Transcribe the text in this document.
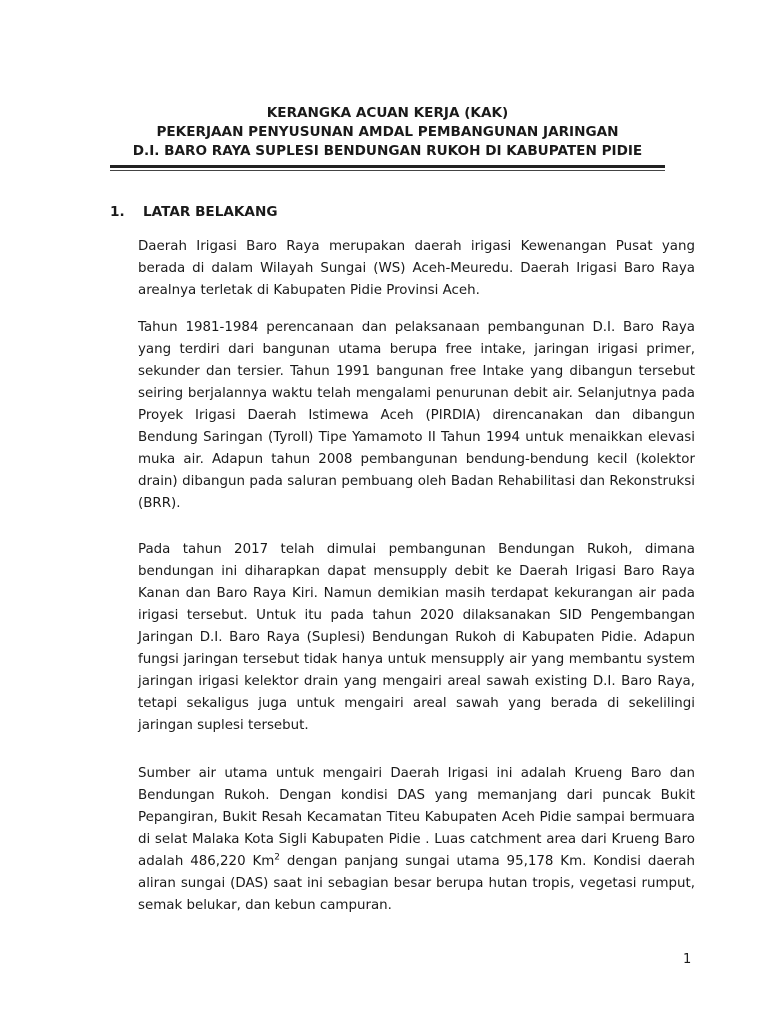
KERANGKA ACUAN KERJA (KAK)
PEKERJAAN PENYUSUNAN AMDAL PEMBANGUNAN JARINGAN
D.I. BARO RAYA SUPLESI BENDUNGAN RUKOH DI KABUPATEN PIDIE
1.	LATAR BELAKANG

Daerah Irigasi Baro Raya merupakan daerah irigasi Kewenangan Pusat yang berada di dalam Wilayah Sungai (WS) Aceh-Meuredu. Daerah Irigasi Baro Raya arealnya terletak di Kabupaten Pidie Provinsi Aceh.

Tahun 1981-1984 perencanaan dan pelaksanaan pembangunan D.I. Baro Raya yang terdiri dari bangunan utama berupa free intake, jaringan irigasi primer, sekunder dan tersier. Tahun 1991 bangunan free Intake yang dibangun tersebut seiring berjalannya waktu telah mengalami penurunan debit air. Selanjutnya pada Proyek Irigasi Daerah Istimewa Aceh (PIRDIA) direncanakan dan dibangun Bendung Saringan (Tyroll) Tipe Yamamoto II Tahun 1994 untuk menaikkan elevasi muka air. Adapun tahun 2008 pembangunan bendung-bendung kecil (kolektor drain) dibangun pada saluran pembuang oleh Badan Rehabilitasi dan Rekonstruksi (BRR).

Pada tahun 2017 telah dimulai pembangunan Bendungan Rukoh, dimana bendungan ini diharapkan dapat mensupply debit ke Daerah Irigasi Baro Raya Kanan dan Baro Raya Kiri. Namun demikian masih terdapat kekurangan air pada irigasi tersebut. Untuk itu pada tahun 2020 dilaksanakan SID Pengembangan Jaringan D.I. Baro Raya (Suplesi) Bendungan Rukoh di Kabupaten Pidie. Adapun fungsi jaringan tersebut tidak hanya untuk mensupply air yang membantu system jaringan irigasi kelektor drain yang mengairi areal sawah existing D.I. Baro Raya, tetapi sekaligus juga untuk mengairi areal sawah yang berada di sekelilingi jaringan suplesi tersebut.

Sumber air utama untuk mengairi Daerah Irigasi ini adalah Krueng Baro dan Bendungan Rukoh. Dengan kondisi DAS yang memanjang dari puncak Bukit Pepangiran, Bukit Resah Kecamatan Titeu Kabupaten Aceh Pidie sampai bermuara di selat Malaka Kota Sigli Kabupaten Pidie . Luas catchment area dari Krueng Baro adalah 486,220 Km$^2$ dengan panjang sungai utama 95,178 Km. Kondisi daerah aliran sungai (DAS) saat ini sebagian besar berupa hutan tropis, vegetasi rumput, semak belukar, dan kebun campuran.

1
